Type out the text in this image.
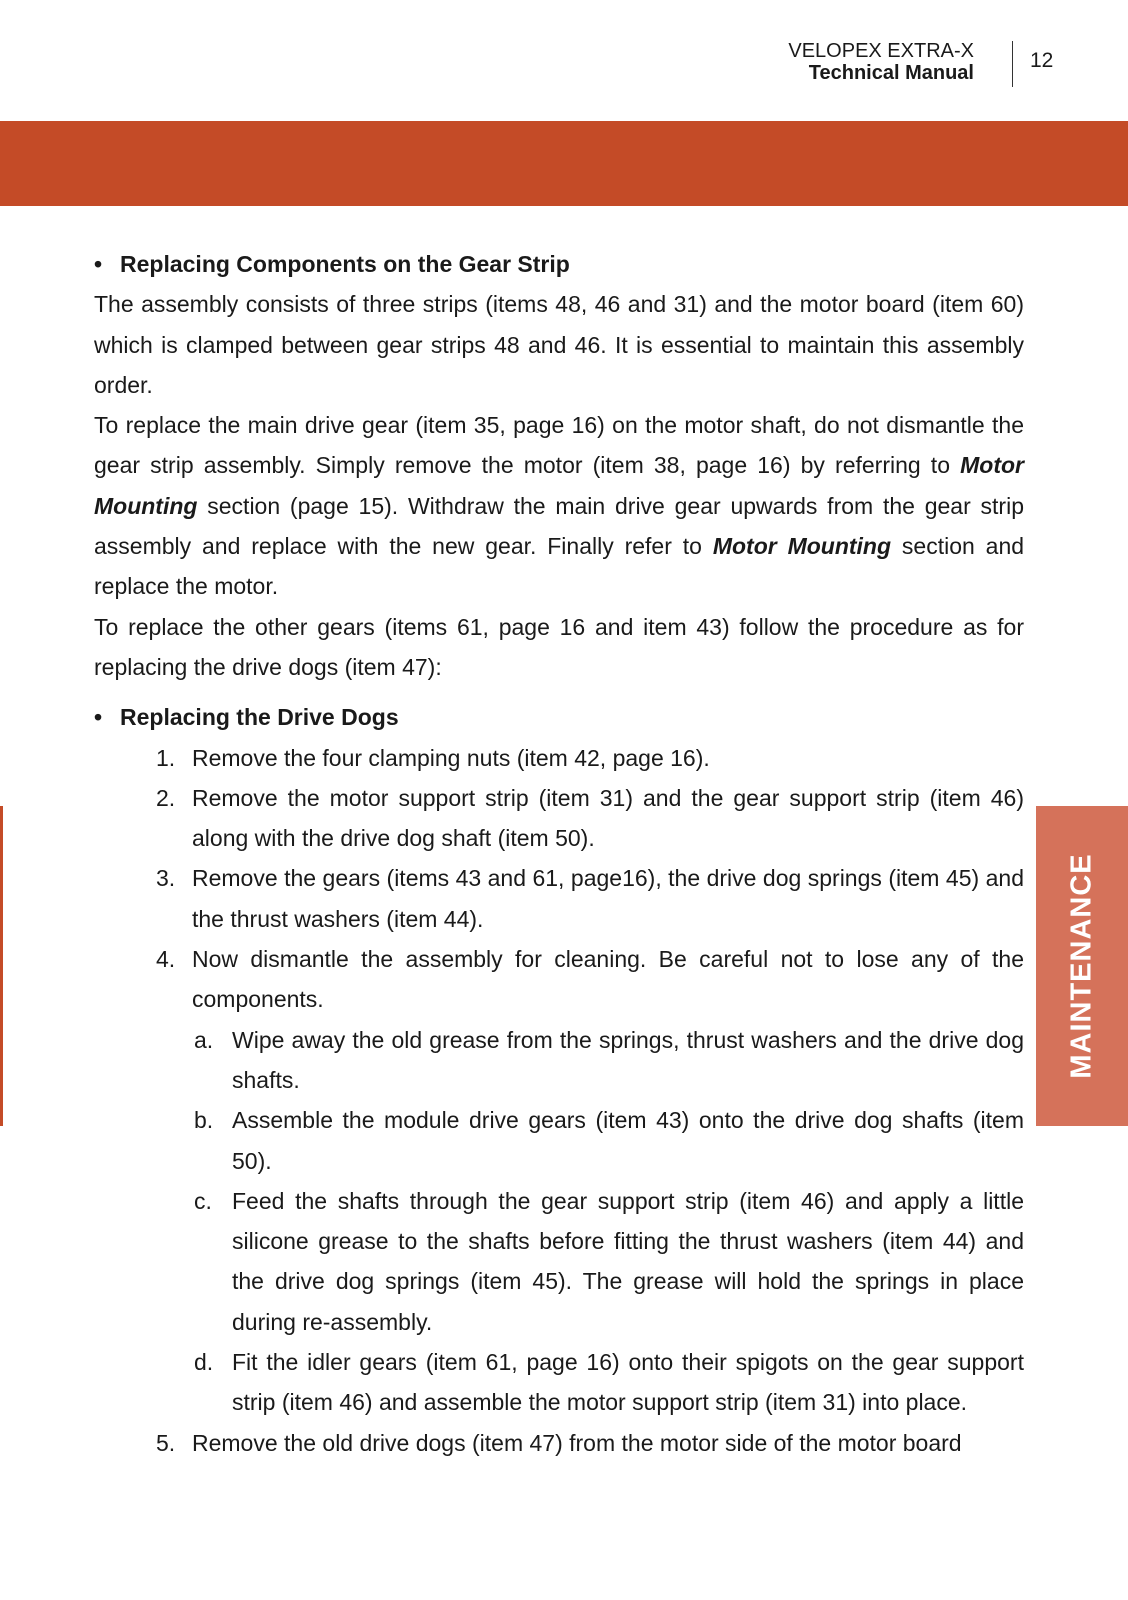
VELOPEX EXTRA-X
Technical Manual
12
MAINTENANCE
• Replacing Components on the Gear Strip
The assembly consists of three strips (items 48, 46 and 31) and the motor board (item 60) which is clamped between gear strips 48 and 46. It is essential to maintain this assembly order.
To replace the main drive gear (item 35, page 16) on the motor shaft, do not dismantle the gear strip assembly. Simply remove the motor (item 38, page 16) by referring to Motor Mounting section (page 15). Withdraw the main drive gear upwards from the gear strip assembly and replace with the new gear. Finally refer to Motor Mounting section and replace the motor.
To replace the other gears (items 61, page 16 and item 43) follow the procedure as for replacing the drive dogs (item 47):
• Replacing the Drive Dogs
1. Remove the four clamping nuts (item 42, page 16).
2. Remove the motor support strip (item 31) and the gear support strip (item 46) along with the drive dog shaft (item 50).
3. Remove the gears (items 43 and 61, page16), the drive dog springs (item 45) and the thrust washers (item 44).
4. Now dismantle the assembly for cleaning. Be careful not to lose any of the components.
a. Wipe away the old grease from the springs, thrust washers and the drive dog shafts.
b. Assemble the module drive gears (item 43) onto the drive dog shafts (item 50).
c. Feed the shafts through the gear support strip (item 46) and apply a little silicone grease to the shafts before fitting the thrust washers (item 44) and the drive dog springs (item 45). The grease will hold the springs in place during re-assembly.
d. Fit the idler gears (item 61, page 16) onto their spigots on the gear support strip (item 46) and assemble the motor support strip (item 31) into place.
5. Remove the old drive dogs (item 47) from the motor side of the motor board
